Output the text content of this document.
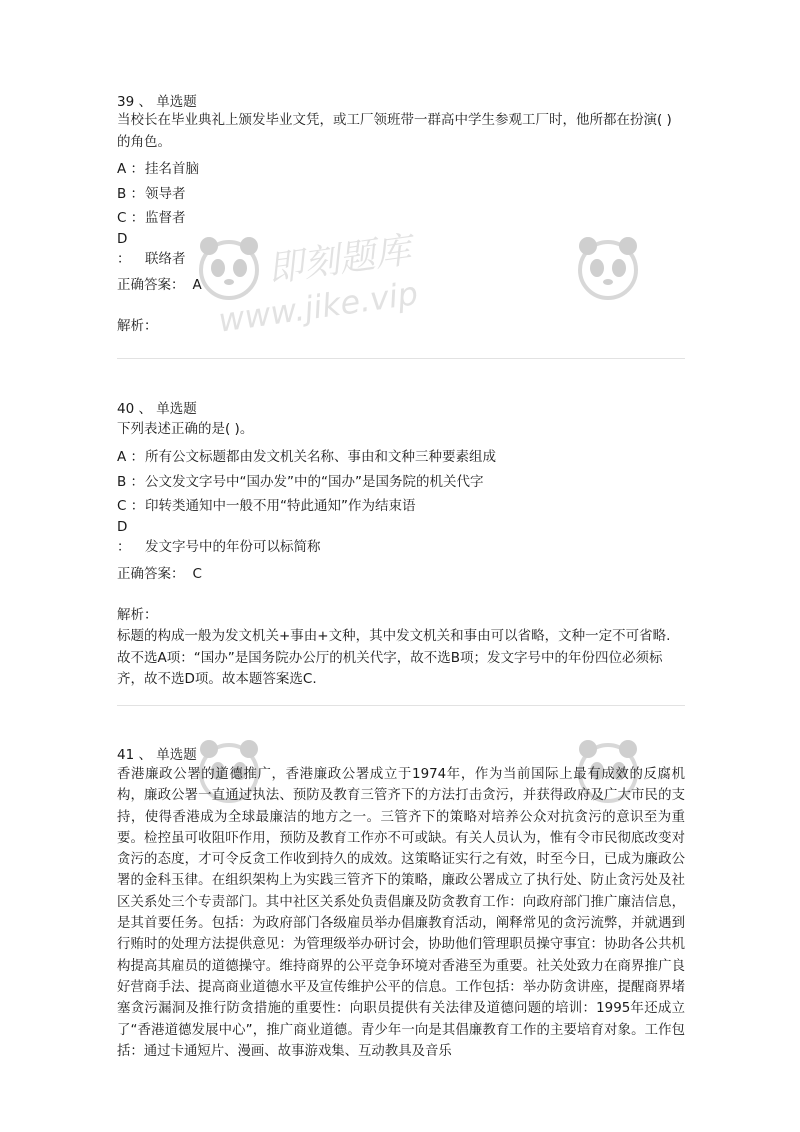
即刻题库
www.jike.vip
39 、 单选题
当校长在毕业典礼上颁发毕业文凭，或工厂领班带一群高中学生参观工厂时，他所都在扮演( )的角色。
A ：挂名首脑
B ：领导者
C ：监督者
D ： 联络者
正确答案： A
解析：
40 、 单选题
下列表述正确的是( )。
A ：所有公文标题都由发文机关名称、事由和文种三种要素组成
B ：公文发文字号中“国办发”中的“国办”是国务院的机关代字
C ：印转类通知中一般不用“特此通知”作为结束语
D ： 发文字号中的年份可以标简称
正确答案： C
解析：
标题的构成一般为发文机关+事由+文种，其中发文机关和事由可以省略，文种一定不可省略.故不选A项：“国办”是国务院办公厅的机关代字，故不选B项；发文字号中的年份四位必须标齐，故不选D项。故本题答案选C.
41 、 单选题
香港廉政公署的道德推广，香港廉政公署成立于1974年，作为当前国际上最有成效的反腐机构，廉政公署一直通过执法、预防及教育三管齐下的方法打击贪污，并获得政府及广大市民的支持，使得香港成为全球最廉洁的地方之一。三管齐下的策略对培养公众对抗贪污的意识至为重要。检控虽可收阻吓作用，预防及教育工作亦不可或缺。有关人员认为，惟有令市民彻底改变对贪污的态度，才可令反贪工作收到持久的成效。这策略证实行之有效，时至今日，已成为廉政公署的金科玉律。在组织架构上为实践三管齐下的策略，廉政公署成立了执行处、防止贪污处及社区关系处三个专责部门。其中社区关系处负责倡廉及防贪教育工作：向政府部门推广廉洁信息，是其首要任务。包括：为政府部门各级雇员举办倡廉教育活动，阐释常见的贪污流弊，并就遇到行贿时的处理方法提供意见：为管理级举办研讨会，协助他们管理职员操守事宜：协助各公共机构提高其雇员的道德操守。维持商界的公平竞争环境对香港至为重要。社关处致力在商界推广良好营商手法、提高商业道德水平及宣传维护公平的信息。工作包括：举办防贪讲座，提醒商界堵塞贪污漏洞及推行防贪措施的重要性：向职员提供有关法律及道德问题的培训：1995年还成立了“香港道德发展中心”，推广商业道德。青少年一向是其倡廉教育工作的主要培育对象。工作包括：通过卡通短片、漫画、故事游戏集、互动教具及音乐
